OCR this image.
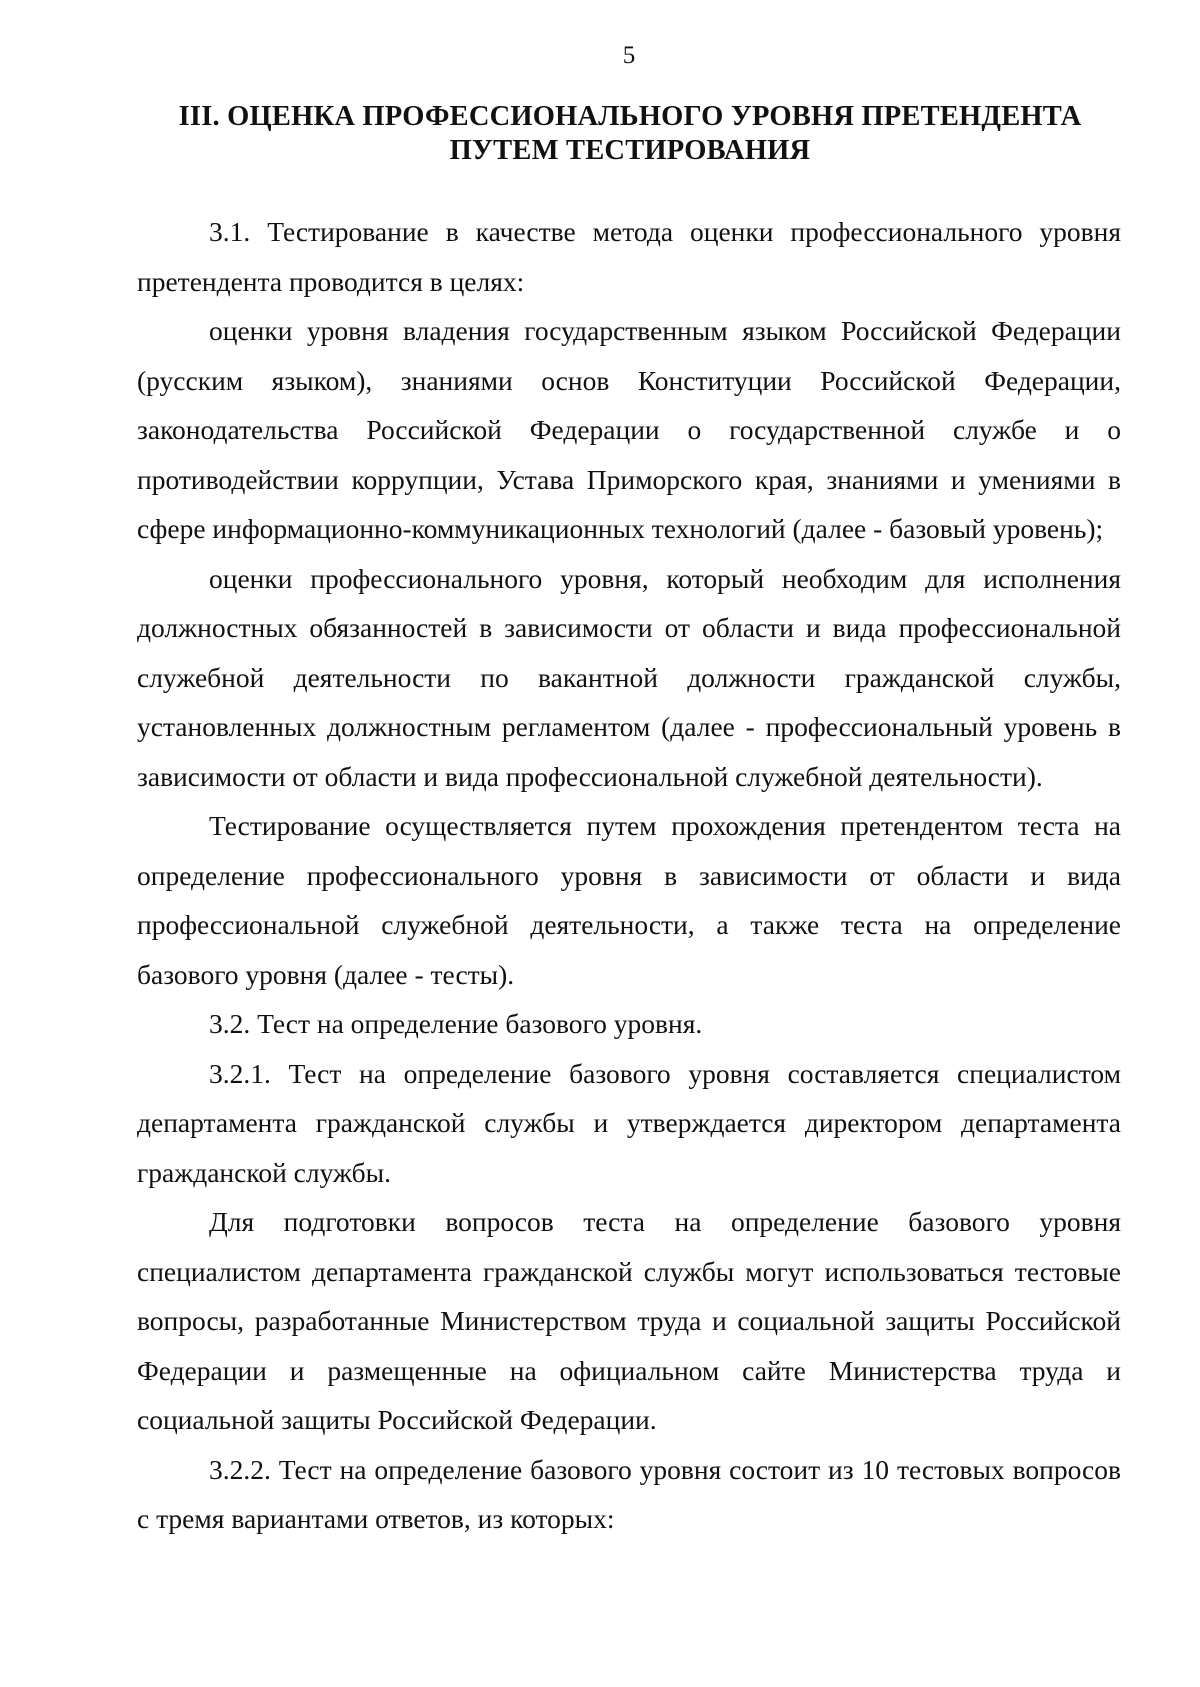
5
III. ОЦЕНКА ПРОФЕССИОНАЛЬНОГО УРОВНЯ ПРЕТЕНДЕНТА
ПУТЕМ ТЕСТИРОВАНИЯ

3.1. Тестирование в качестве метода оценки профессионального уровня претендента проводится в целях:

оценки уровня владения государственным языком Российской Федерации (русским языком), знаниями основ Конституции Российской Федерации, законодательства Российской Федерации о государственной службе и о противодействии коррупции, Устава Приморского края, знаниями и умениями в сфере информационно-коммуникационных технологий (далее - базовый уровень);

оценки профессионального уровня, который необходим для исполнения должностных обязанностей в зависимости от области и вида профессиональной служебной деятельности по вакантной должности гражданской службы, установленных должностным регламентом (далее - профессиональный уровень в зависимости от области и вида профессиональной служебной деятельности).

Тестирование осуществляется путем прохождения претендентом теста на определение профессионального уровня в зависимости от области и вида профессиональной служебной деятельности, а также теста на определение базового уровня (далее - тесты).

3.2. Тест на определение базового уровня.

3.2.1. Тест на определение базового уровня составляется специалистом департамента гражданской службы и утверждается директором департамента гражданской службы.

Для подготовки вопросов теста на определение базового уровня специалистом департамента гражданской службы могут использоваться тестовые вопросы, разработанные Министерством труда и социальной защиты Российской Федерации и размещенные на официальном сайте Министерства труда и социальной защиты Российской Федерации.

3.2.2. Тест на определение базового уровня состоит из 10 тестовых вопросов с тремя вариантами ответов, из которых:
